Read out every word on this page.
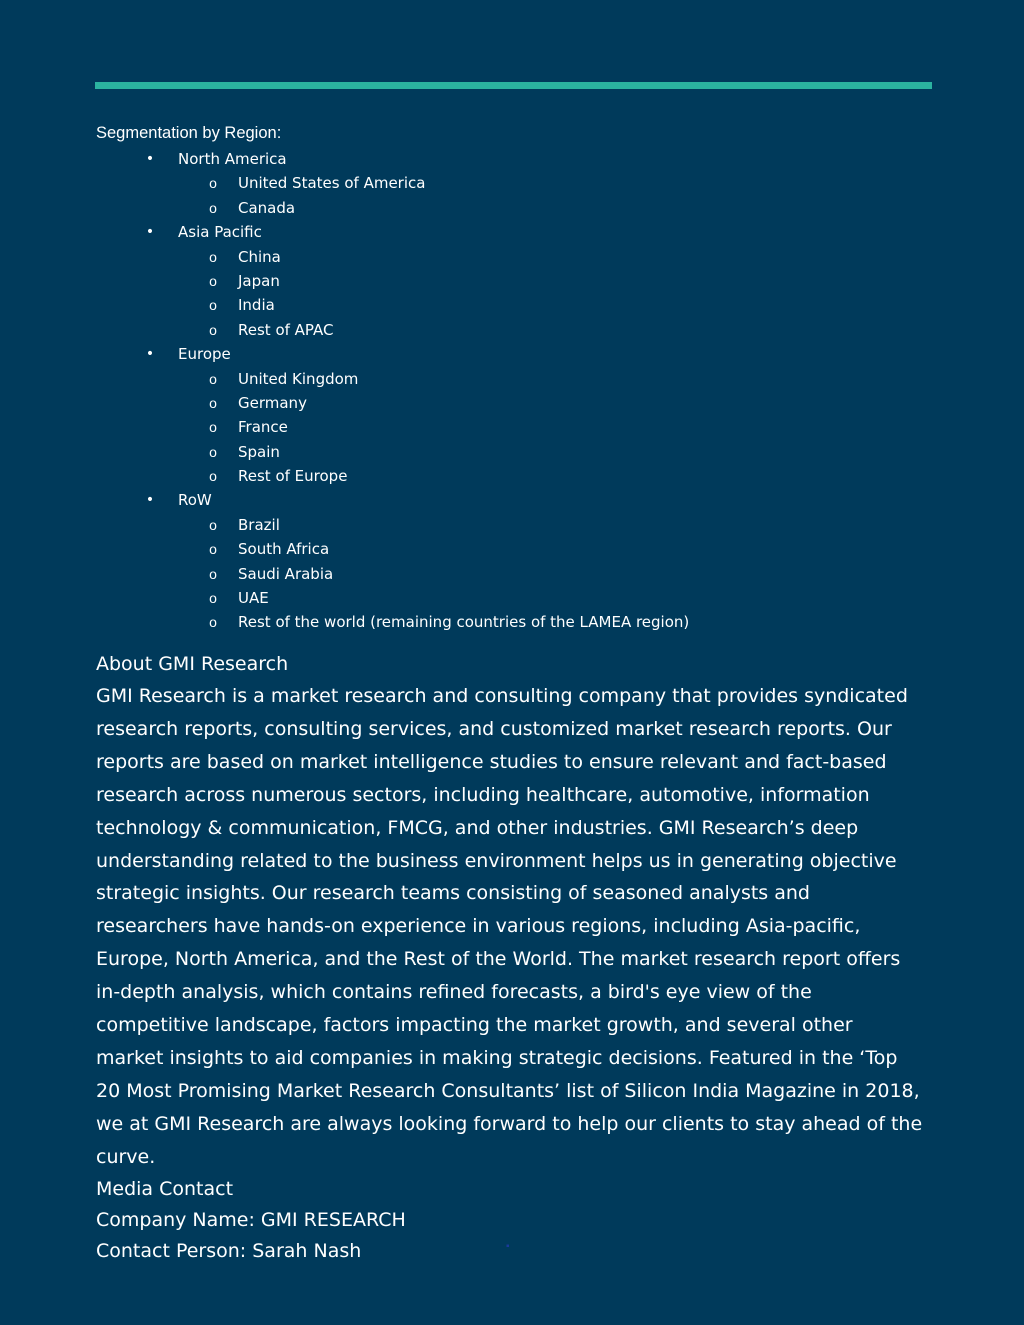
Segmentation by Region:

• North America
o United States of America
o Canada
• Asia Pacific
o China
o Japan
o India
o Rest of APAC
• Europe
o United Kingdom
o Germany
o France
o Spain
o Rest of Europe
• RoW
o Brazil
o South Africa
o Saudi Arabia
o UAE
o Rest of the world (remaining countries of the LAMEA region)
About GMI Research

GMI Research is a market research and consulting company that provides syndicated research reports, consulting services, and customized market research reports. Our reports are based on market intelligence studies to ensure relevant and fact-based research across numerous sectors, including healthcare, automotive, information technology & communication, FMCG, and other industries. GMI Research’s deep understanding related to the business environment helps us in generating objective strategic insights. Our research teams consisting of seasoned analysts and researchers have hands-on experience in various regions, including Asia-pacific, Europe, North America, and the Rest of the World. The market research report offers in-depth analysis, which contains refined forecasts, a bird's eye view of the competitive landscape, factors impacting the market growth, and several other market insights to aid companies in making strategic decisions. Featured in the ‘Top 20 Most Promising Market Research Consultants’ list of Silicon India Magazine in 2018, we at GMI Research are always looking forward to help our clients to stay ahead of the curve.

Media Contact

Company Name: GMI RESEARCH

Contact Person: Sarah Nash	▪
